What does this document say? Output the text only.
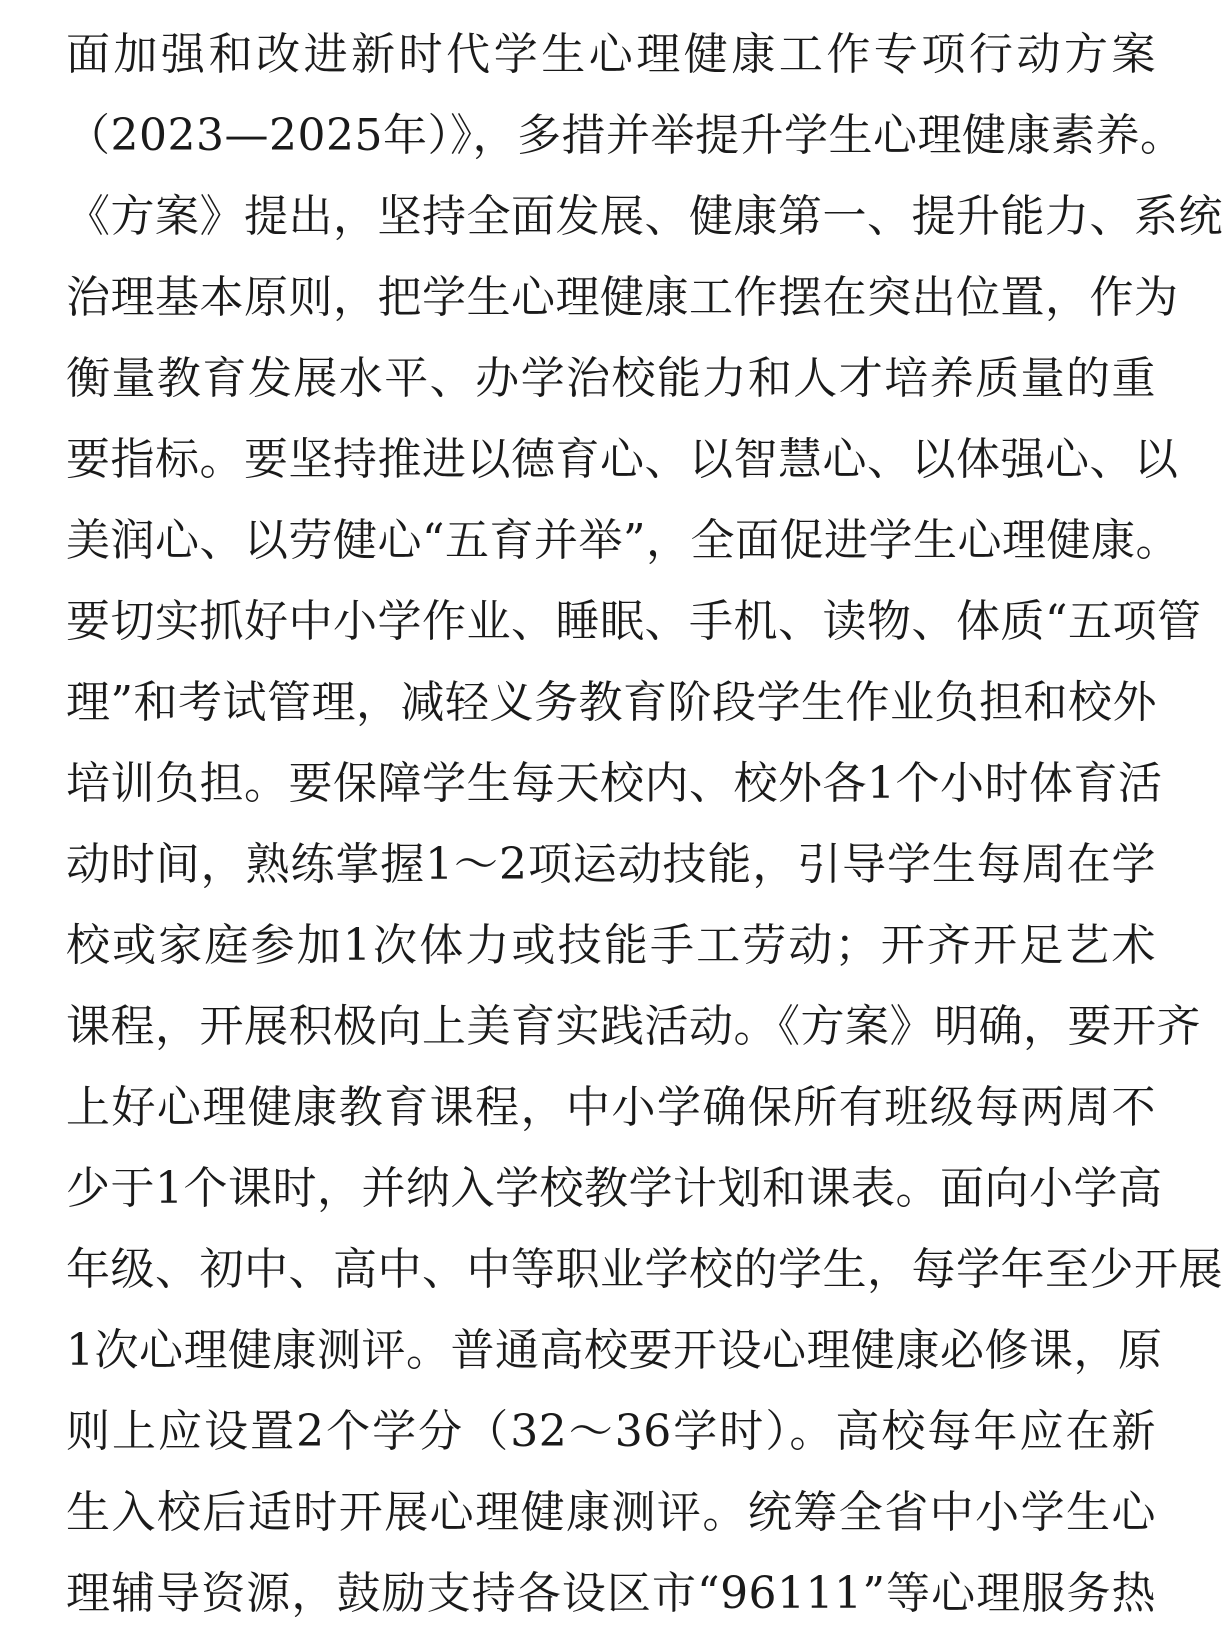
面加强和改进新时代学生心理健康工作专项行动方案
（2023—2025年）》，多措并举提升学生心理健康素养。
《方案》提出，坚持全面发展、健康第一、提升能力、系统
治理基本原则，把学生心理健康工作摆在突出位置，作为
衡量教育发展水平、办学治校能力和人才培养质量的重
要指标。要坚持推进以德育心、以智慧心、以体强心、以
美润心、以劳健心“五育并举”，全面促进学生心理健康。
要切实抓好中小学作业、睡眠、手机、读物、体质“五项管
理”和考试管理，减轻义务教育阶段学生作业负担和校外
培训负担。要保障学生每天校内、校外各1个小时体育活
动时间，熟练掌握1～2项运动技能，引导学生每周在学
校或家庭参加1次体力或技能手工劳动；开齐开足艺术
课程，开展积极向上美育实践活动。《方案》明确，要开齐
上好心理健康教育课程，中小学确保所有班级每两周不
少于1个课时，并纳入学校教学计划和课表。面向小学高
年级、初中、高中、中等职业学校的学生，每学年至少开展
1次心理健康测评。普通高校要开设心理健康必修课，原
则上应设置2个学分（32～36学时）。高校每年应在新
生入校后适时开展心理健康测评。统筹全省中小学生心
理辅导资源，鼓励支持各设区市“96111”等心理服务热
